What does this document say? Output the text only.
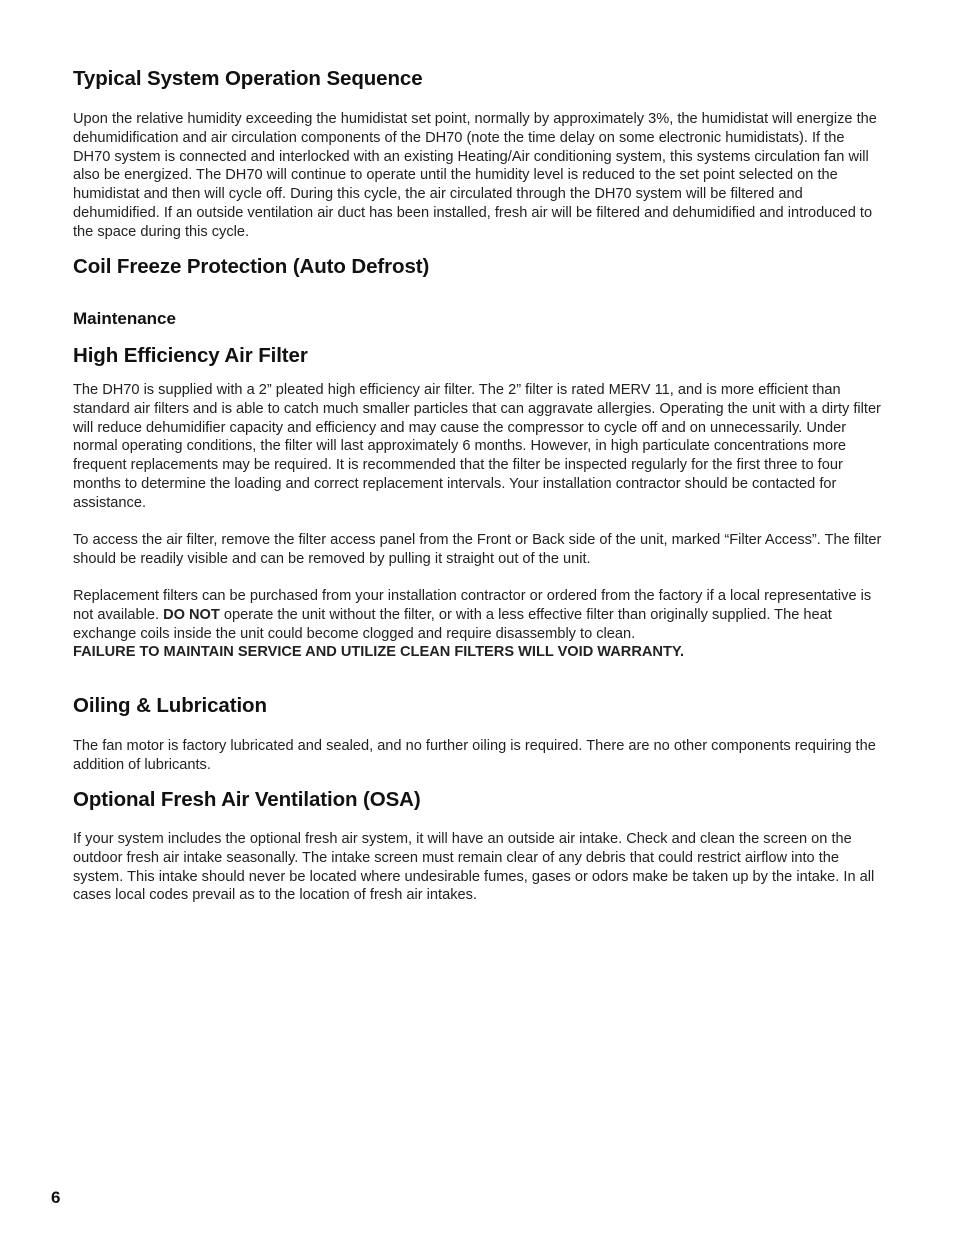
Typical System Operation Sequence

Upon the relative humidity exceeding the humidistat set point, normally by approximately 3%, the humidistat will energize the dehumidification and air circulation components of the DH70 (note the time delay on some electronic humidistats). If the DH70 system is connected and interlocked with an existing Heating/Air conditioning system, this systems circulation fan will also be energized. The DH70 will continue to operate until the humidity level is reduced to the set point selected on the humidistat and then will cycle off. During this cycle, the air circulated through the DH70 system will be filtered and dehumidified. If an outside ventilation air duct has been installed, fresh air will be filtered and dehumidified and introduced to the space during this cycle.

Coil Freeze Protection (Auto Defrost)
Maintenance
High Efficiency Air Filter

The DH70 is supplied with a 2” pleated high efficiency air filter. The 2” filter is rated MERV 11, and is more efficient than standard air filters and is able to catch much smaller particles that can aggravate allergies. Operating the unit with a dirty filter will reduce dehumidifier capacity and efficiency and may cause the compressor to cycle off and on unnecessarily. Under normal operating conditions, the filter will last approximately 6 months. However, in high particulate concentrations more frequent replacements may be required. It is recommended that the filter be inspected regularly for the first three to four months to determine the loading and correct replacement intervals. Your installation contractor should be contacted for assistance.

To access the air filter, remove the filter access panel from the Front or Back side of the unit, marked “Filter Access”. The filter should be readily visible and can be removed by pulling it straight out of the unit.

Replacement filters can be purchased from your installation contractor or ordered from the factory if a local representative is not available. DO NOT operate the unit without the filter, or with a less effective filter than originally supplied. The heat exchange coils inside the unit could become clogged and require disassembly to clean.
FAILURE TO MAINTAIN SERVICE AND UTILIZE CLEAN FILTERS WILL VOID WARRANTY.

Oiling & Lubrication

The fan motor is factory lubricated and sealed, and no further oiling is required. There are no other components requiring the addition of lubricants.

Optional Fresh Air Ventilation (OSA)

If your system includes the optional fresh air system, it will have an outside air intake. Check and clean the screen on the outdoor fresh air intake seasonally. The intake screen must remain clear of any debris that could restrict airflow into the system. This intake should never be located where undesirable fumes, gases or odors make be taken up by the intake. In all cases local codes prevail as to the location of fresh air intakes.

6
